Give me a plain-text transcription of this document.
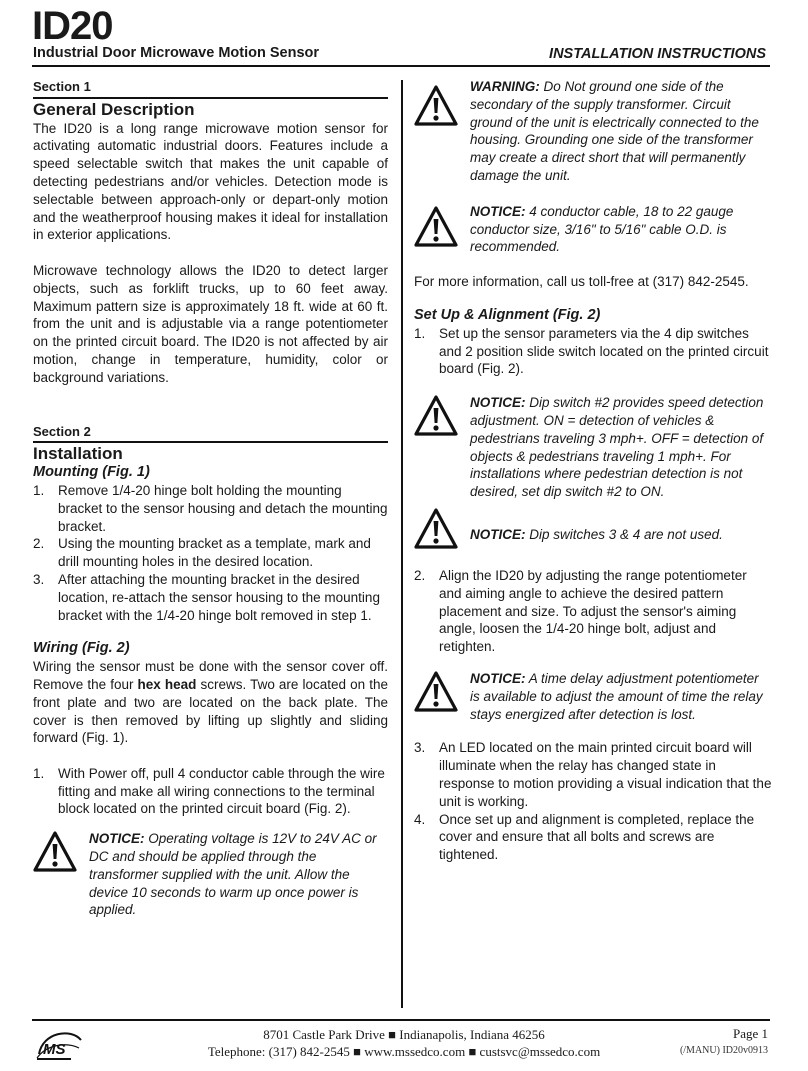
ID20
Industrial Door Microwave Motion Sensor	INSTALLATION INSTRUCTIONS

Section 1

General Description

The ID20 is a long range microwave motion sensor for activating automatic industrial doors. Features include a speed selectable switch that makes the unit capable of detecting pedestrians and/or vehicles. Detection mode is selectable between approach-only or depart-only motion and the weatherproof housing makes it ideal for installation in exterior applications.

Microwave technology allows the ID20 to detect larger objects, such as forklift trucks, up to 60 feet away. Maximum pattern size is approximately 18 ft. wide at 60 ft. from the unit and is adjustable via a range potentiometer on the printed circuit board. The ID20 is not affected by air motion, change in temperature, humidity, color or background variations.

Section 2

Installation

Mounting (Fig. 1)

1. Remove 1/4-20 hinge bolt holding the mounting bracket to the sensor housing and detach the mounting bracket.
2. Using the mounting bracket as a template, mark and drill mounting holes in the desired location.
3. After attaching the mounting bracket in the desired location, re-attach the sensor housing to the mounting bracket with the 1/4-20 hinge bolt removed in step 1.

Wiring (Fig. 2)

Wiring the sensor must be done with the sensor cover off. Remove the four hex head screws. Two are located on the front plate and two are located on the back plate. The cover is then removed by lifting up slightly and sliding forward (Fig. 1).

1. With Power off, pull 4 conductor cable through the wire fitting and make all wiring connections to the terminal block located on the printed circuit board (Fig. 2).

NOTICE: Operating voltage is 12V to 24V AC or DC and should be applied through the transformer supplied with the unit. Allow the device 10 seconds to warm up once power is applied.

WARNING: Do Not ground one side of the secondary of the supply transformer. Circuit ground of the unit is electrically connected to the housing. Grounding one side of the transformer may create a direct short that will permanently damage the unit.

NOTICE: 4 conductor cable, 18 to 22 gauge conductor size, 3/16" to 5/16" cable O.D. is recommended.

For more information, call us toll-free at (317) 842-2545.

Set Up & Alignment (Fig. 2)

1. Set up the sensor parameters via the 4 dip switches and 2 position slide switch located on the printed circuit board (Fig. 2).

NOTICE: Dip switch #2 provides speed detection adjustment. ON = detection of vehicles & pedestrians traveling 3 mph+. OFF = detection of objects & pedestrians traveling 1 mph+. For installations where pedestrian detection is not desired, set dip switch #2 to ON.

NOTICE: Dip switches 3 & 4 are not used.

2. Align the ID20 by adjusting the range potentiometer and aiming angle to achieve the desired pattern placement and size. To adjust the sensor's aiming angle, loosen the 1/4-20 hinge bolt, adjust and retighten.

NOTICE: A time delay adjustment potentiometer is available to adjust the amount of time the relay stays energized after detection is lost.

3. An LED located on the main printed circuit board will illuminate when the relay has changed state in response to motion providing a visual indication that the unit is working.
4. Once set up and alignment is completed, replace the cover and ensure that all bolts and screws are tightened.
MS
8701 Castle Park Drive ■ Indianapolis, Indiana 46256
Telephone: (317) 842-2545 ■ www.mssedco.com ■ custsvc@mssedco.com
Page 1
(/MANU) ID20v0913
